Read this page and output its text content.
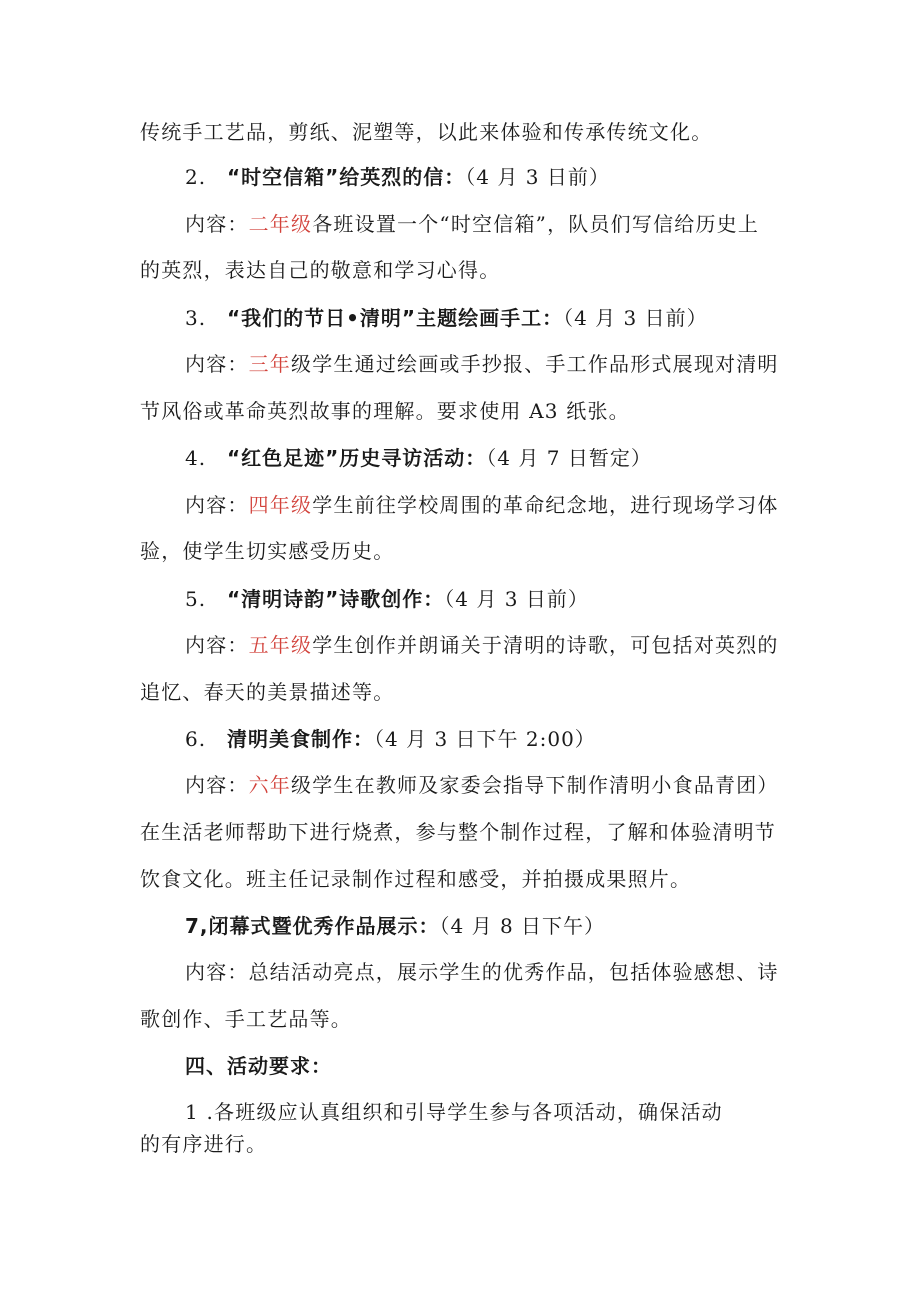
传统手工艺品，剪纸、泥塑等，以此来体验和传承传统文化。
2. “时空信箱”给英烈的信：（4 月 3 日前）
内容：二年级各班设置一个“时空信箱”，队员们写信给历史上
的英烈，表达自己的敬意和学习心得。
3. “我们的节日•清明”主题绘画手工：（4 月 3 日前）
内容：三年级学生通过绘画或手抄报、手工作品形式展现对清明
节风俗或革命英烈故事的理解。要求使用 A3 纸张。
4. “红色足迹”历史寻访活动：（4 月 7 日暂定）
内容：四年级学生前往学校周围的革命纪念地，进行现场学习体
验，使学生切实感受历史。
5. “清明诗韵”诗歌创作：（4 月 3 日前）
内容：五年级学生创作并朗诵关于清明的诗歌，可包括对英烈的
追忆、春天的美景描述等。
6. 清明美食制作：（4 月 3 日下午 2:00）
内容：六年级学生在教师及家委会指导下制作清明小食品青团）
在生活老师帮助下进行烧煮，参与整个制作过程，了解和体验清明节
饮食文化。班主任记录制作过程和感受，并拍摄成果照片。
7,闭幕式暨优秀作品展示：（4 月 8 日下午）
内容：总结活动亮点，展示学生的优秀作品，包括体验感想、诗
歌创作、手工艺品等。
四、活动要求：
1 .各班级应认真组织和引导学生参与各项活动，确保活动
的有序进行。
